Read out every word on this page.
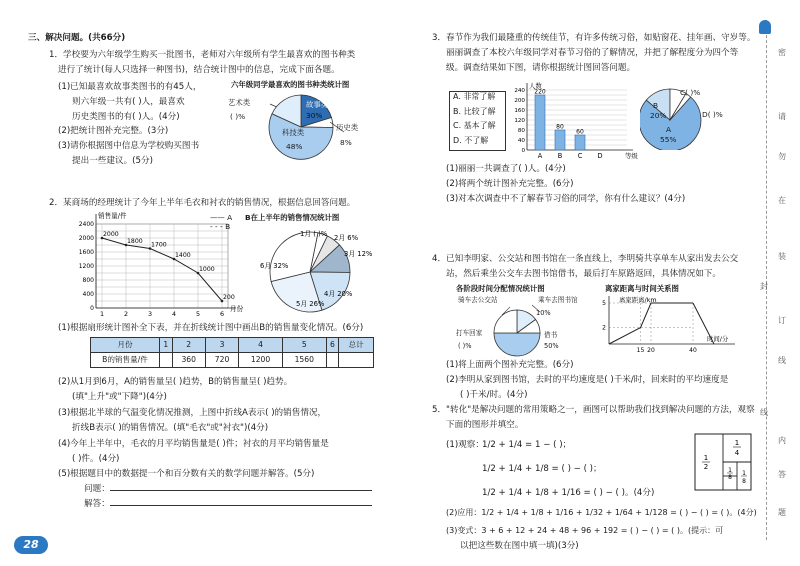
三、解决问题。(共66分)
1．学校要为六年级学生购买一批图书，老师对六年级所有学生最喜欢的图书种类
进行了统计(每人只选择一种图书)，结合统计图中的信息，完成下面各题。
(1)已知最喜欢故事类图书的有45人，
则六年级一共有( )人，最喜欢
历史类图书的有( )人。(4分)
(2)把统计图补充完整。(3分)
(3)请你根据图中信息为学校购买图书
提出一些建议。(5分)
六年级同学最喜欢的图书种类统计图
故事类
30%
科技类
48%
艺术类
( )%
历史类
8%
2．某商场的经理统计了今年上半年毛衣和衬衣的销售情况，根据信息回答问题。
0
400
800
1200
1600
2000
2400
1	2	3	4	5	6
销售量/件
月份
2000
1800 1700
1400
1000
200
—— A
- - - B
B在上半年的销售情况统计图
1月 ( )% 2月 6%
3月 12%
4月 20%
5月 26%
6月 32%
(1)根据扇形统计图补全下表，并在折线统计图中画出B的销售量变化情况。(6分)
月份	1	2	3	4	5	6	总计
B的销售量/件		360	720	1200	1560		
(2)从1月到6月，A的销售量呈( )趋势，B的销售量呈( )趋势。
(填"上升"或"下降")(4分)
(3)根据北半球的气温变化情况推测，上图中折线A表示( )的销售情况，
折线B表示( )的销售情况。(填"毛衣"或"衬衣")(4分)
(4)今年上半年中，毛衣的月平均销售量是( )件；衬衣的月平均销售量是
( )件。(4分)
(5)根据题目中的数据提一个和百分数有关的数学问题并解答。(5分)
问题：
解答：
28
3．春节作为我们最隆重的传统佳节，有许多传统习俗，如贴窗花、挂年画、守岁等。
丽丽调查了本校六年级同学对春节习俗的了解情况，并把了解程度分为四个等
级。调查结果如下图，请你根据统计图回答问题。
A. 非常了解
B. 比较了解
C. 基本了解
D. 不了解
0
40
80
120
160
200
240
人数
等级
220
A
80
B
60
C D
A
55%
B
20%
C( )%
D( )%
(1)丽丽一共调查了( )人。(4分)
(2)将两个统计图补充完整。(6分)
(3)对本次调查中不了解春节习俗的同学，你有什么建议？(4分)
4．已知李明家、公交站和图书馆在一条直线上，李明骑共享单车从家出发去公交
站，然后乘坐公交车去图书馆借书，最后打车原路返回，具体情况如下。
各阶段时间分配情况统计图	离家距离与时间关系图
骑车去公交站	乘车去图书馆
10%
借书
50%
打车回家
( )%
离家距离/km
时间/分
2
5
15 20	40
(1)将上面两个图补充完整。(6分)
(2)李明从家到图书馆，去时的平均速度是( )千米/时，回来时的平均速度是
( )千米/时。(4分)
5．"转化"是解决问题的常用策略之一，画图可以帮助我们找到解决问题的方法，观察
下面的图形并填空。
(1)观察：
1/2 + 1/4 = 1 − ( )；
1/2 + 1/4 + 1/8 = ( ) − ( )；
1/2 + 1/4 + 1/8 + 1/16 = ( ) − ( )。(4分)
(2)应用：1/2 + 1/4 + 1/8 + 1/16 + 1/32 + 1/64 + 1/128 = ( ) − ( ) = ( )。(4分)
(3)变式：3 + 6 + 12 + 24 + 48 + 96 + 192 = ( ) − ( ) = ( )。(提示：可
以把这些数在图中填一填)(3分)
1
2
1
4
1
8
1
8
密
请
勿
在
装
封
订
线
线
内
答
题
